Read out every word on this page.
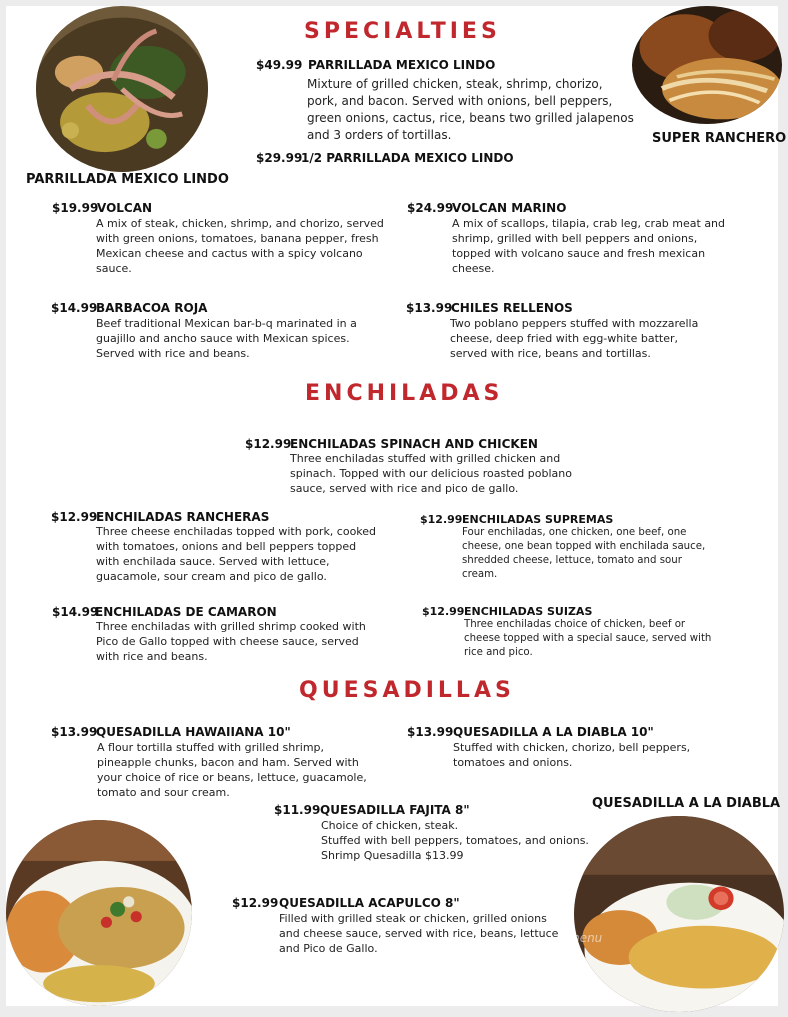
PARRILLADA MEXICO LINDO
SUPER RANCHERO
SPECIALTIES
$49.99 PARRILLADA MEXICO LINDO
Mixture of grilled chicken, steak, shrimp, chorizo, pork, and bacon. Served with onions, bell peppers, green onions, cactus, rice, beans two grilled jalapenos and 3 orders of tortillas.
$29.99
1/2 PARRILLADA MEXICO LINDO
$19.99
VOLCAN
A mix of steak, chicken, shrimp, and chorizo, served with green onions, tomatoes, banana pepper, fresh Mexican cheese and cactus with a spicy volcano sauce.
$24.99
VOLCAN MARINO
A mix of scallops, tilapia, crab leg, crab meat and shrimp, grilled with bell peppers and onions, topped with volcano sauce and fresh mexican cheese.
$14.99
BARBACOA ROJA
Beef traditional Mexican bar-b-q marinated in a guajillo and ancho sauce with Mexican spices. Served with rice and beans.
$13.99
CHILES RELLENOS
Two poblano peppers stuffed with mozzarella cheese, deep fried with egg-white batter, served with rice, beans and tortillas.
ENCHILADAS
$12.99
ENCHILADAS SPINACH AND CHICKEN
Three enchiladas stuffed with grilled chicken and spinach. Topped with our delicious roasted poblano sauce, served with rice and pico de gallo.
$12.99
ENCHILADAS RANCHERAS
Three cheese enchiladas topped with pork, cooked with tomatoes, onions and bell peppers topped with enchilada sauce. Served with lettuce, guacamole, sour cream and pico de gallo.
$12.99 ENCHILADAS SUPREMAS
Four enchiladas, one chicken, one beef, one cheese, one bean topped with enchilada sauce, shredded cheese, lettuce, tomato and sour cream.
$14.99
ENCHILADAS DE CAMARON
Three enchiladas with grilled shrimp cooked with Pico de Gallo topped with cheese sauce, served with rice and beans.
$12.99 ENCHILADAS SUIZAS
Three enchiladas choice of chicken, beef or cheese topped with a special sauce, served with rice and pico.
QUESADILLAS
$13.99
QUESADILLA HAWAIIANA 10"
A flour tortilla stuffed with grilled shrimp, pineapple chunks, bacon and ham. Served with your choice of rice or beans, lettuce, guacamole, tomato and sour cream.
$13.99 QUESADILLA A LA DIABLA 10"
Stuffed with chicken, chorizo, bell peppers, tomatoes and onions.
QUESADILLA A LA DIABLA
$11.99 QUESADILLA FAJITA 8"
Choice of chicken, steak.
Stuffed with bell peppers, tomatoes, and onions.
Shrimp Quesadilla $13.99
$12.99 QUESADILLA ACAPULCO 8"
Filled with grilled steak or chicken, grilled onions and cheese sauce, served with rice, beans, lettuce and Pico de Gallo.
menu
